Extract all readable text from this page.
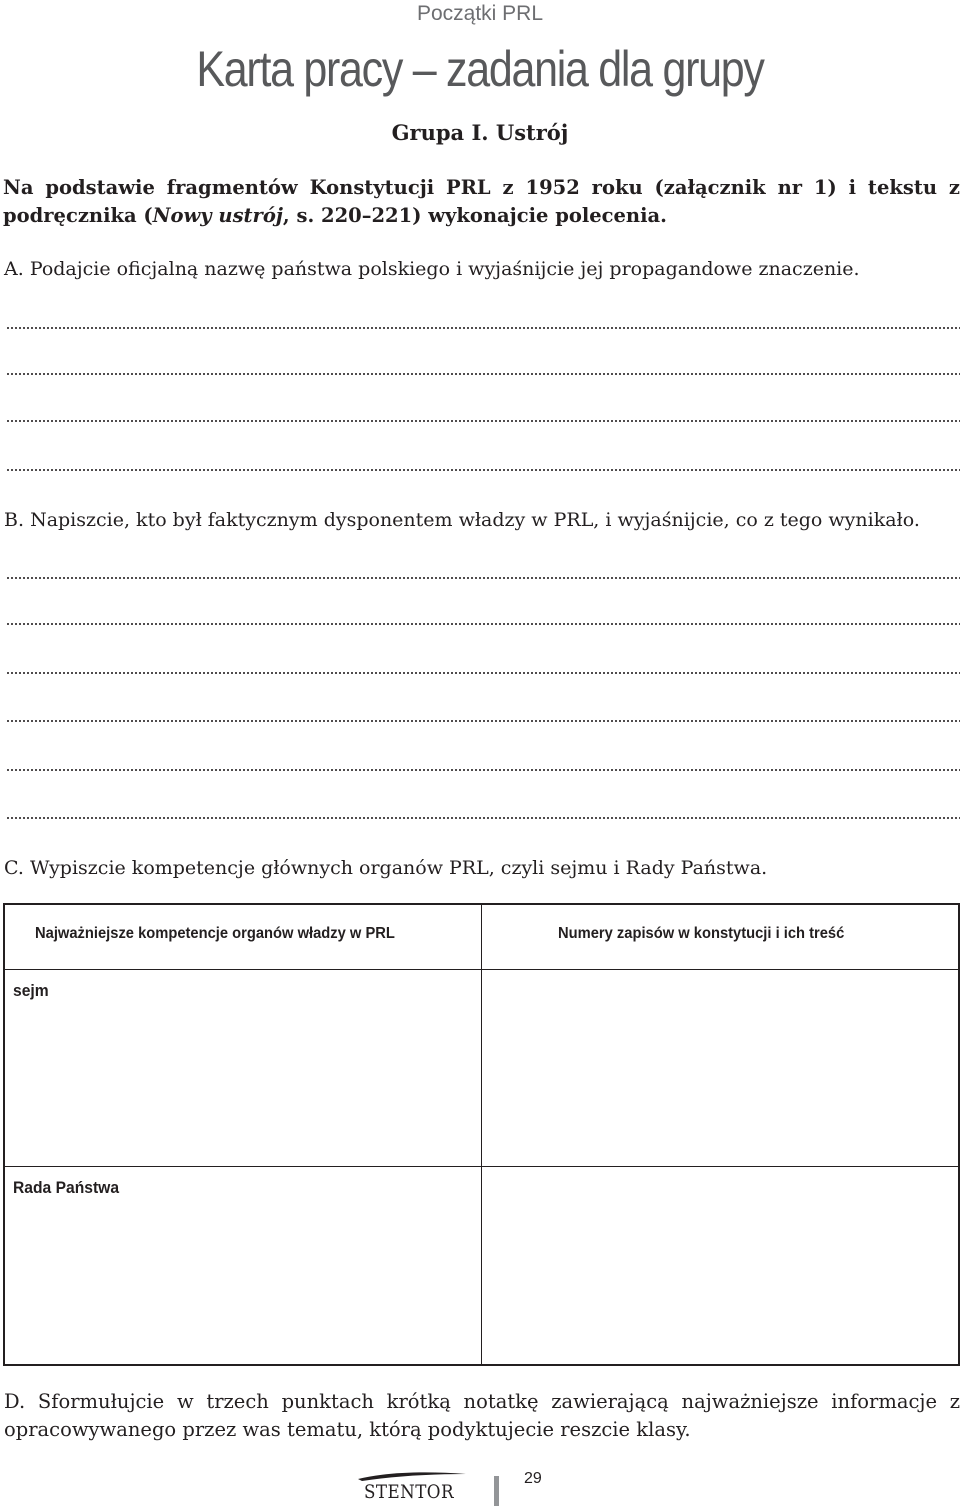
Początki PRL
Karta pracy – zadania dla grupy
Grupa I. Ustrój
Na podstawie fragmentów Konstytucji PRL z 1952 roku (załącznik nr 1) i tekstu z podręcznika (Nowy ustrój, s. 220–221) wykonajcie polecenia.
A. Podajcie oficjalną nazwę państwa polskiego i wyjaśnijcie jej propagandowe znaczenie.
B. Napiszcie, kto był faktycznym dysponentem władzy w PRL, i wyjaśnijcie, co z tego wynikało.
C. Wypiszcie kompetencje głównych organów PRL, czyli sejmu i Rady Państwa.
Najważniejsze kompetencje organów władzy w PRL	Numery zapisów w konstytucji i ich treść
sejm
Rada Państwa
D. Sformułujcie w trzech punktach krótką notatkę zawierającą najważniejsze informacje z opracowywanego przez was tematu, którą podyktujecie reszcie klasy.
STENTOR
29
